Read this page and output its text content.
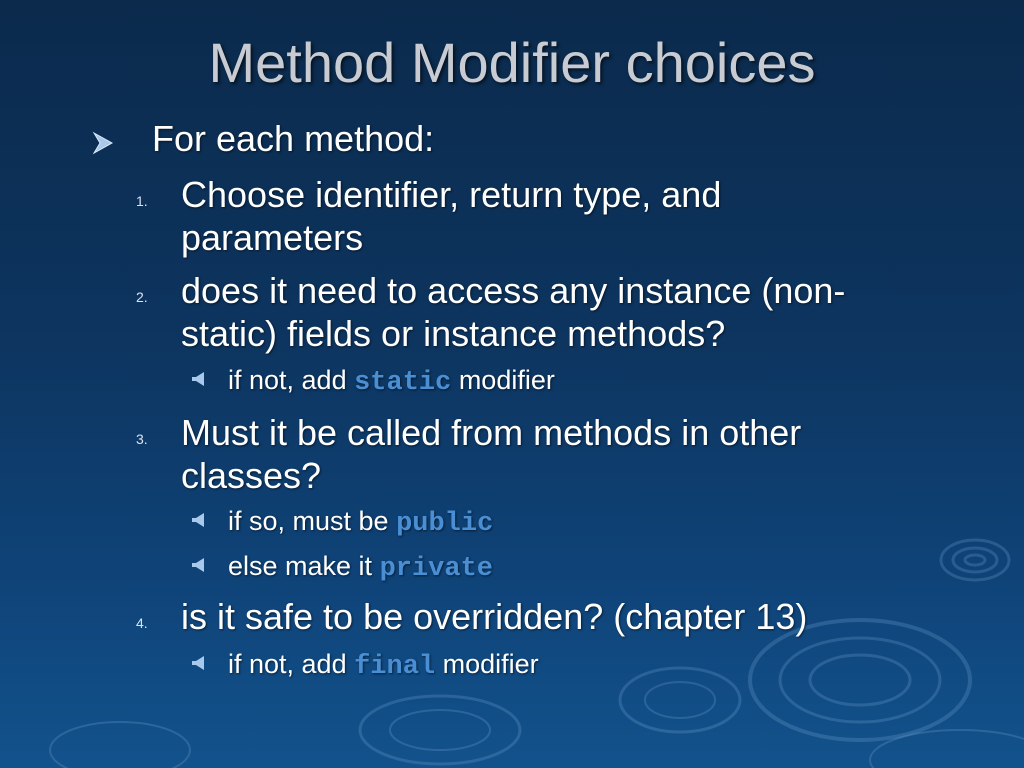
Method Modifier choices
For each method:
1. Choose identifier, return type, and
parameters
2. does it need to access any instance (non-
static) fields or instance methods?
if not, add static modifier
3. Must it be called from methods in other
classes?
if so, must be public
else make it private
4. is it safe to be overridden? (chapter 13)
if not, add final modifier
